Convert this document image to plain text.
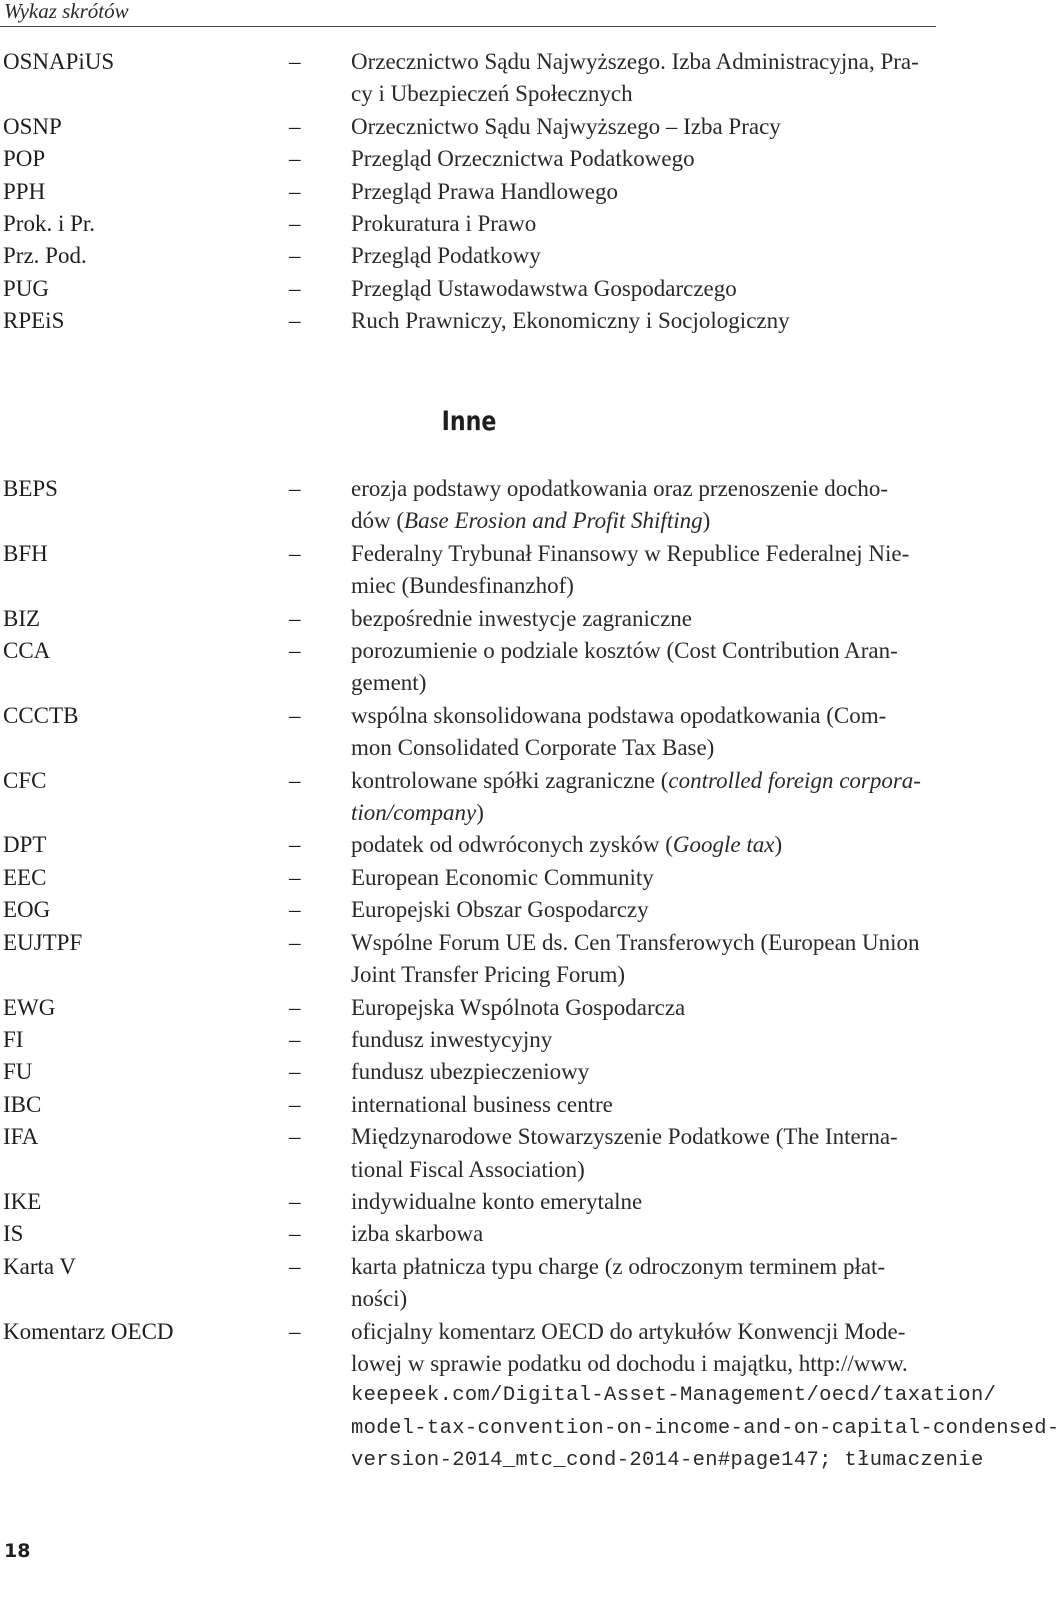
Wykaz skrótów
OSNAPiUS	– Orzecznictwo Sądu Najwyższego. Izba Administracyjna, Pra-
cy i Ubezpieczeń Społecznych
OSNP	– Orzecznictwo Sądu Najwyższego – Izba Pracy
POP	– Przegląd Orzecznictwa Podatkowego
PPH	– Przegląd Prawa Handlowego
Prok. i Pr.	– Prokuratura i Prawo
Prz. Pod.	– Przegląd Podatkowy
PUG	– Przegląd Ustawodawstwa Gospodarczego
RPEiS	– Ruch Prawniczy, Ekonomiczny i Socjologiczny
Inne
BEPS	– erozja podstawy opodatkowania oraz przenoszenie docho-
dów (Base Erosion and Profit Shifting)
BFH	– Federalny Trybunał Finansowy w Republice Federalnej Nie-
miec (Bundesfinanzhof)
BIZ	– bezpośrednie inwestycje zagraniczne
CCA	– porozumienie o podziale kosztów (Cost Contribution Aran-
gement)
CCCTB	– wspólna skonsolidowana podstawa opodatkowania (Com-
mon Consolidated Corporate Tax Base)
CFC	– kontrolowane spółki zagraniczne (controlled foreign corpora-
tion/company)
DPT	– podatek od odwróconych zysków (Google tax)
EEC	– European Economic Community
EOG	– Europejski Obszar Gospodarczy
EUJTPF	– Wspólne Forum UE ds. Cen Transferowych (European Union
Joint Transfer Pricing Forum)
EWG	– Europejska Wspólnota Gospodarcza
FI	– fundusz inwestycyjny
FU	– fundusz ubezpieczeniowy
IBC	– international business centre
IFA	– Międzynarodowe Stowarzyszenie Podatkowe (The Interna-
tional Fiscal Association)
IKE	– indywidualne konto emerytalne
IS	– izba skarbowa
Karta V	– karta płatnicza typu charge (z odroczonym terminem płat-
ności)
Komentarz OECD	– oficjalny komentarz OECD do artykułów Konwencji Mode-
lowej w sprawie podatku od dochodu i majątku, http://www.
keepeek.com/Digital-Asset-Management/oecd/taxation/
model-tax-convention-on-income-and-on-capital-condensed-
version-2014_mtc_cond-2014-en#page147; tłumaczenie
18
